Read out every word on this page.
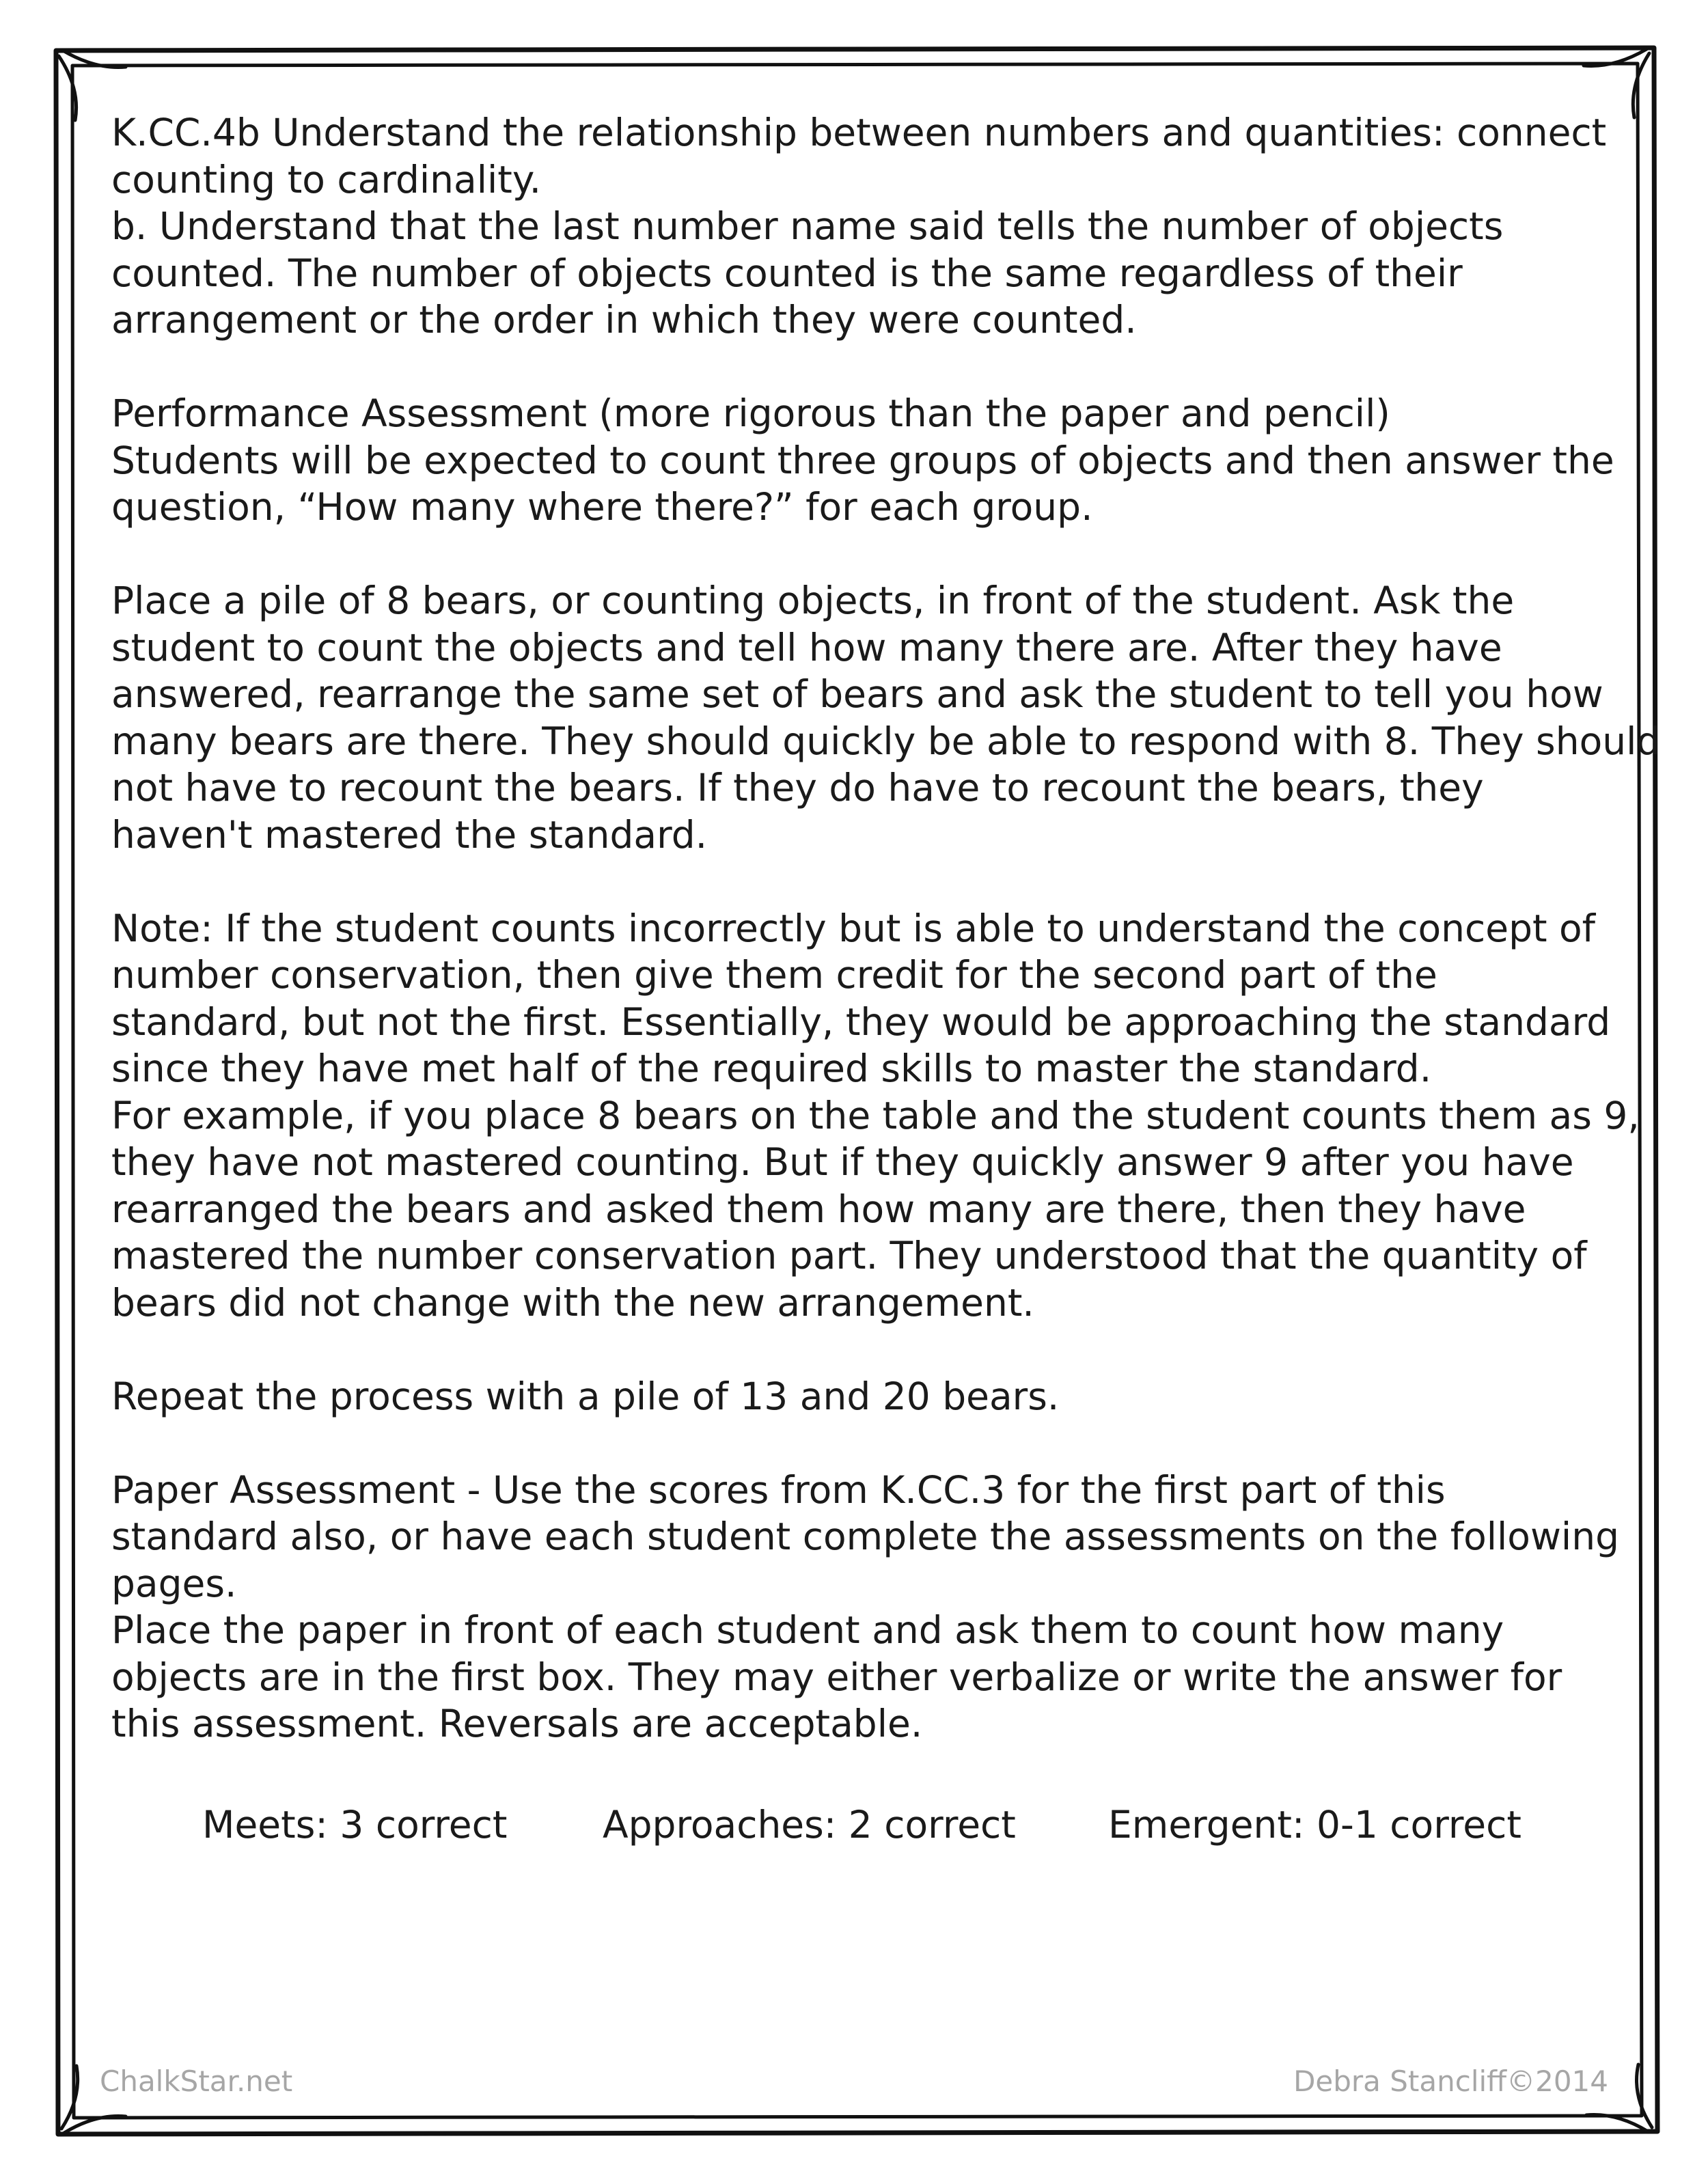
K.CC.4b Understand the relationship between numbers and quantities: connect
counting to cardinality.
b. Understand that the last number name said tells the number of objects
counted. The number of objects counted is the same regardless of their
arrangement or the order in which they were counted.
Performance Assessment (more rigorous than the paper and pencil)
Students will be expected to count three groups of objects and then answer the
question, “How many where there?” for each group.
Place a pile of 8 bears, or counting objects, in front of the student. Ask the
student to count the objects and tell how many there are. After they have
answered, rearrange the same set of bears and ask the student to tell you how
many bears are there. They should quickly be able to respond with 8. They should
not have to recount the bears. If they do have to recount the bears, they
haven't mastered the standard.
Note: If the student counts incorrectly but is able to understand the concept of
number conservation, then give them credit for the second part of the
standard, but not the first. Essentially, they would be approaching the standard
since they have met half of the required skills to master the standard.
For example, if you place 8 bears on the table and the student counts them as 9,
they have not mastered counting. But if they quickly answer 9 after you have
rearranged the bears and asked them how many are there, then they have
mastered the number conservation part. They understood that the quantity of
bears did not change with the new arrangement.
Repeat the process with a pile of 13 and 20 bears.
Paper Assessment - Use the scores from K.CC.3 for the first part of this
standard also, or have each student complete the assessments on the following
pages.
Place the paper in front of each student and ask them to count how many
objects are in the first box. They may either verbalize or write the answer for
this assessment. Reversals are acceptable.
Meets: 3 correct	Approaches: 2 correct Emergent: 0-1 correct
ChalkStar.net	Debra Stancliff©2014
